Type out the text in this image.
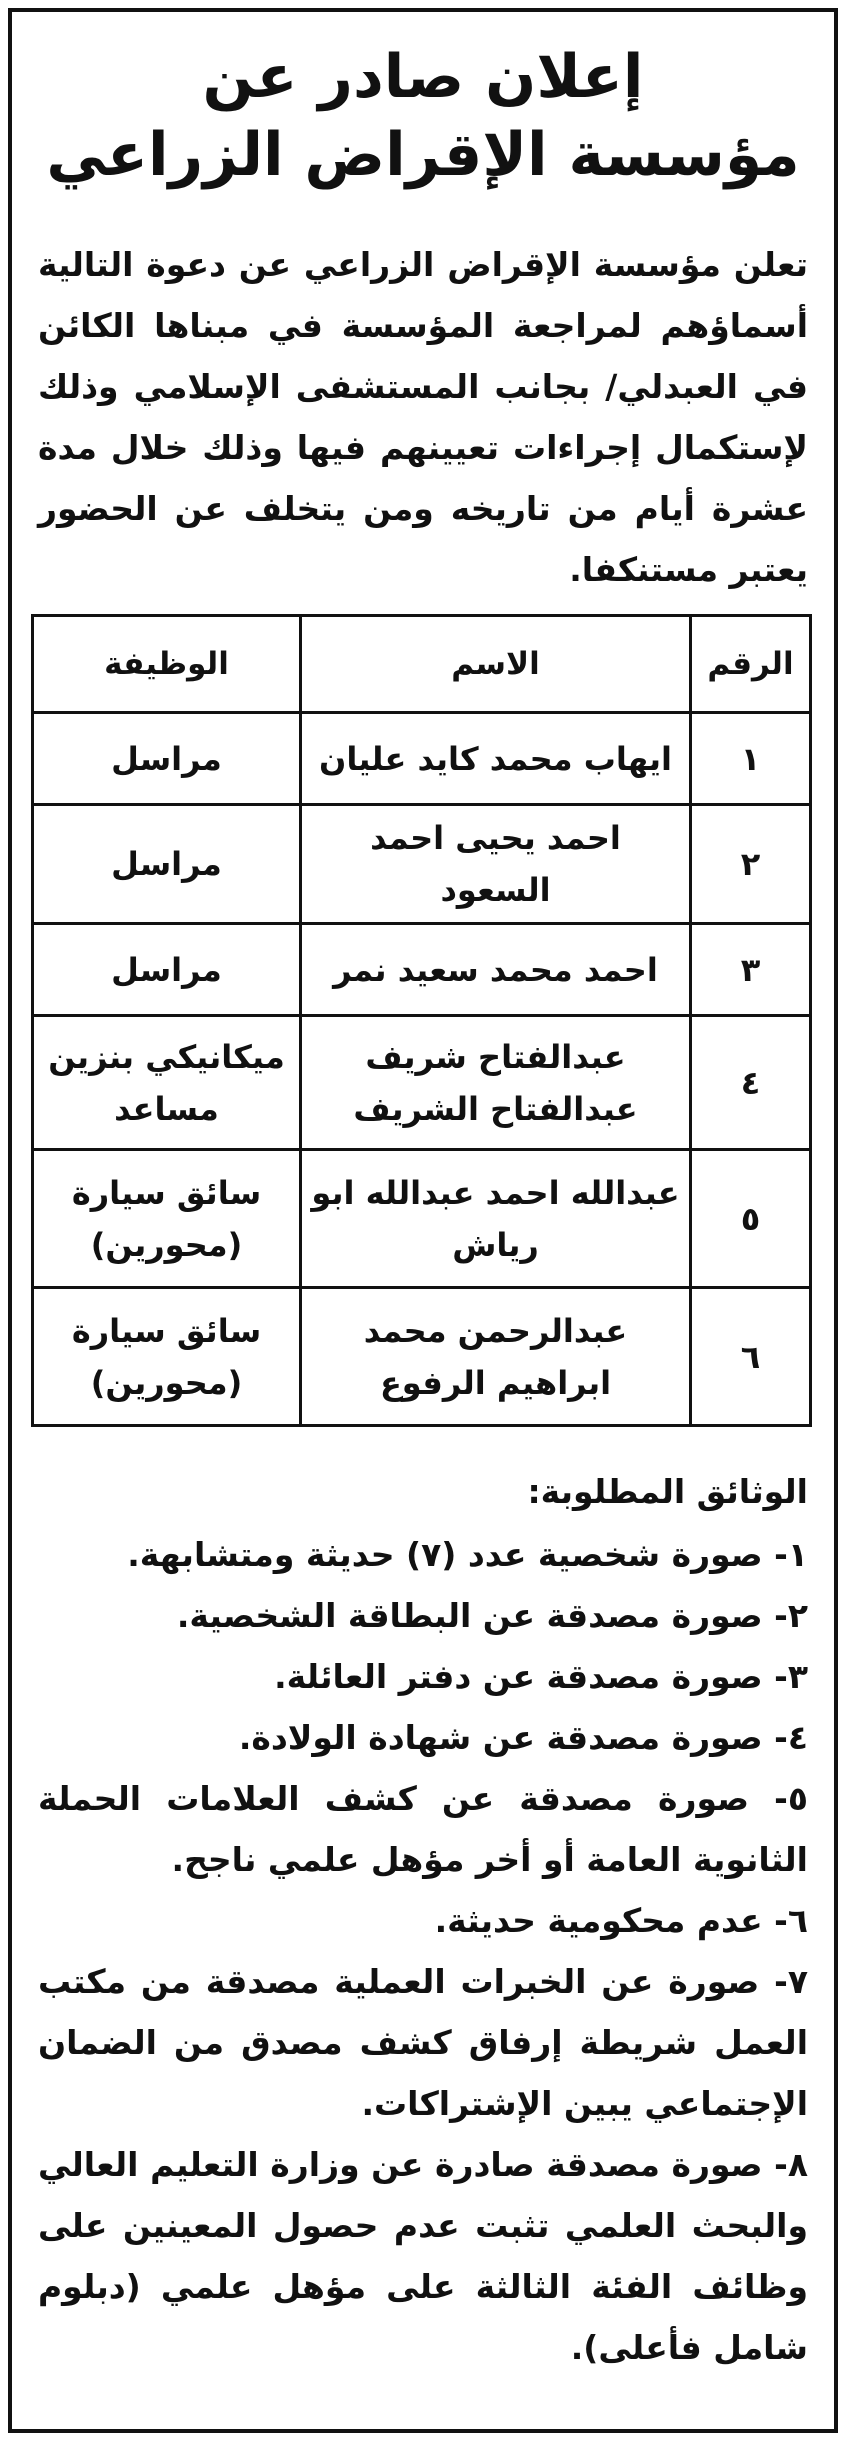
إعلان صادر عن
مؤسسة الإقراض الزراعي

تعلن مؤسسة الإقراض الزراعي عن دعوة التالية أسماؤهم لمراجعة المؤسسة في مبناها الكائن في العبدلي/ بجانب المستشفى الإسلامي وذلك لإستكمال إجراءات تعيينهم فيها وذلك خلال مدة عشرة أيام من تاريخه ومن يتخلف عن الحضور يعتبر مستنكفا.

الرقم	الاسم	الوظيفة
١	ايهاب محمد كايد عليان	مراسل
٢	احمد يحيى احمد السعود	مراسل
٣	احمد محمد سعيد نمر	مراسل
٤	عبدالفتاح شريف عبدالفتاح الشريف	ميكانيكي بنزين مساعد
٥	عبدالله احمد عبدالله ابو رياش	سائق سيارة (محورين)
٦	عبدالرحمن محمد ابراهيم الرفوع	سائق سيارة (محورين)
الوثائق المطلوبة:
١- صورة شخصية عدد (٧) حديثة ومتشابهة.
٢- صورة مصدقة عن البطاقة الشخصية.
٣- صورة مصدقة عن دفتر العائلة.
٤- صورة مصدقة عن شهادة الولادة.
٥- صورة مصدقة عن كشف العلامات الحملة الثانوية العامة أو أخر مؤهل علمي ناجح.
٦- عدم محكومية حديثة.
٧- صورة عن الخبرات العملية مصدقة من مكتب العمل شريطة إرفاق كشف مصدق من الضمان الإجتماعي يبين الإشتراكات.
٨- صورة مصدقة صادرة عن وزارة التعليم العالي والبحث العلمي تثبت عدم حصول المعينين على وظائف الفئة الثالثة على مؤهل علمي (دبلوم شامل فأعلى).
